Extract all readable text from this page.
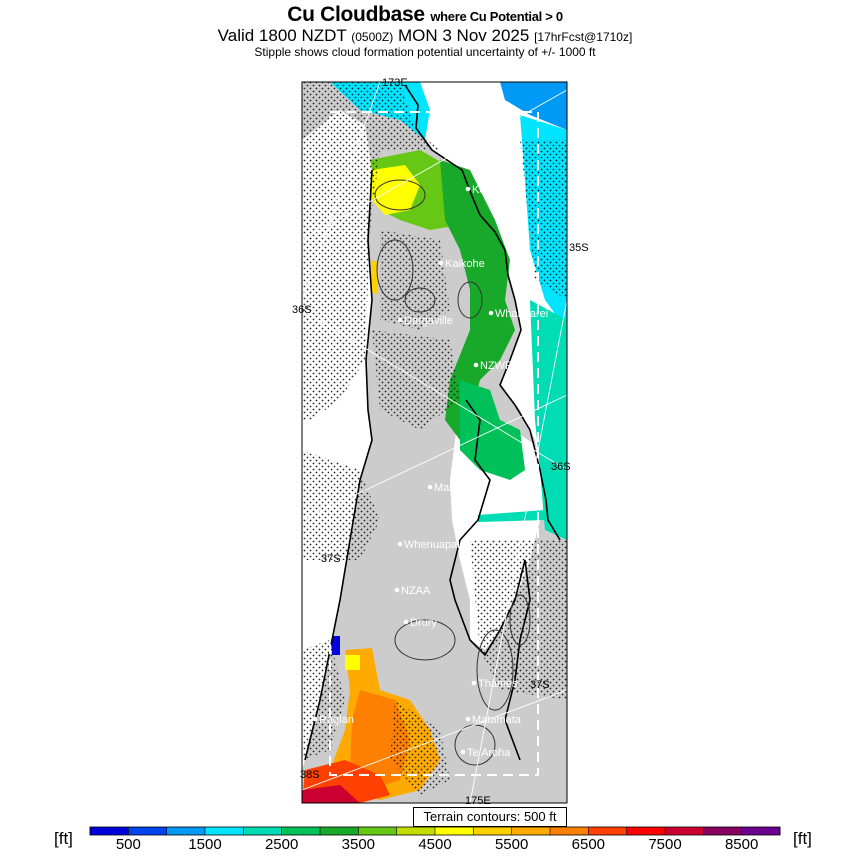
Cu Cloudbase where Cu Potential > 0
Valid 1800 NZDT (0500Z) MON 3 Nov 2025 [17hrFcst@1710z]
Stipple shows cloud formation potential uncertainty of +/- 1000 ft
173E
35S
36S
36S
37S
37S
38S
175E
Kerikeri
Kaikohe
Whangarei
Dargaville
NZWR
Mahurangi
Whenuapai
NZAA
Drury
Thames
Raglan	Matamata
Te Aroha
Terrain contours: 500 ft
[ft]	[ft]
500	1500	2500	3500	4500	5500	6500	7500	8500
